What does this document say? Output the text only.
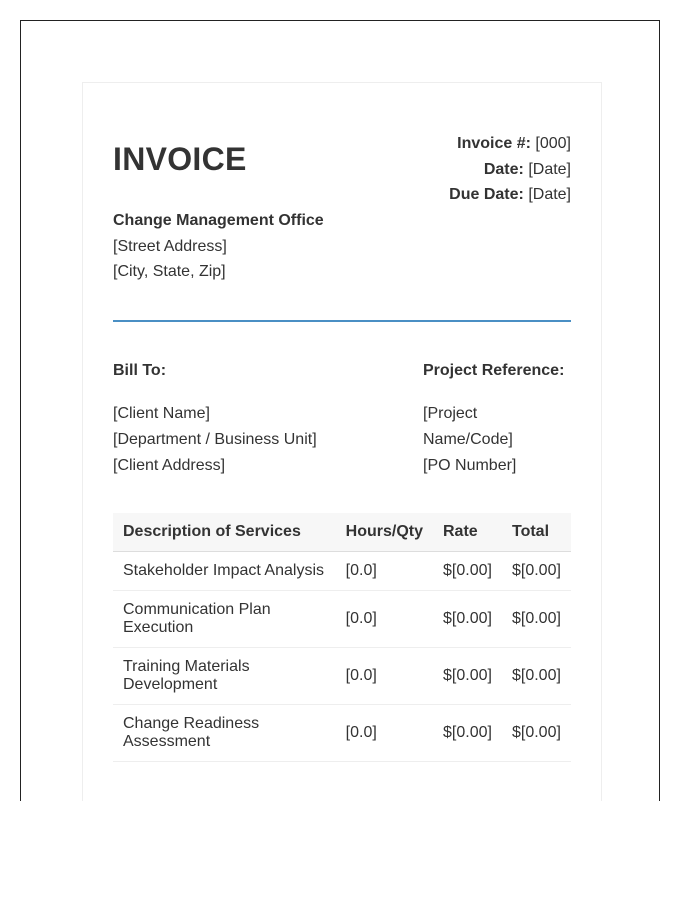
INVOICE	Invoice #: [000]
Date: [Date]
Due Date: [Date]
Change Management Office
[Street Address]
[City, State, Zip]
Bill To:
[Client Name]
[Department / Business Unit]
[Client Address]
Project Reference:
[Project Name/Code]
[PO Number]
Description of Services	Hours/Qty	Rate	Total
Stakeholder Impact Analysis	[0.0]	$[0.00]	$[0.00]
Communication Plan Execution	[0.0]	$[0.00]	$[0.00]
Training Materials Development	[0.0]	$[0.00]	$[0.00]
Change Readiness Assessment	[0.0]	$[0.00]	$[0.00]
